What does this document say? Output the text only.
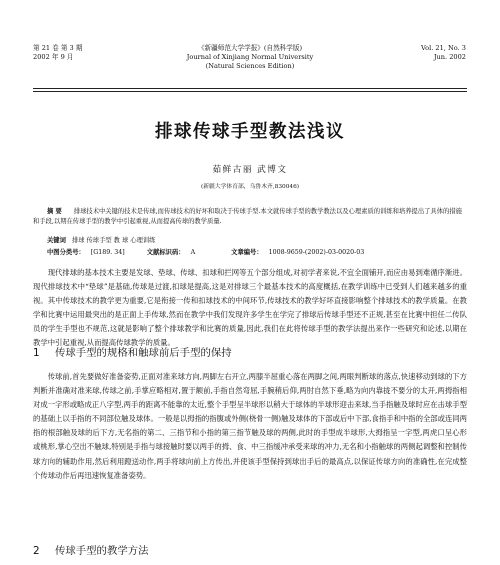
第 21 卷 第 3 期
2002 年 9 月
《新疆师范大学学报》(自然科学版)
Journal of Xinjiang Normal University
(Natural Sciences Edition)
Vol. 21, No. 3
Jun. 2002
排球传球手型教法浅议
茹鲜古丽 武博文
(新疆大学体育部，乌鲁木齐,830046)
摘 要 排球技术中关键的技术是传球,而传球技术的好坏和取决于传球手型.本文就传球手型的教学教法以及心理素质的训练和培养提出了具体的措施和手段,以期在传球手型的教学中引起重视,从而提高传球的教学质量.
关键词 排球 传球手型 教 球 心理训练
中图分类号： [G189. 34]	文献标识码： A	文章编号： 1008-9659-(2002)-03-0020-03
现代排球的基本技术主要是发球、垫球、传球、扣球和拦网等五个部分组成,对初学者来说,不宜全面铺开,而应由易到难循序渐进。现代排球技术中“垫球”是基础,传球是过渡,扣球是提高,这是对排球三个最基本技术的高度概括,在教学训练中已受到人们越来越多的重视。其中传球技术的教学更为重要,它是衔接一传和扣球技术的中间环节,传球技术的教学好坏直接影响整个排球技术的教学质量。在教学和比赛中运用最突出的是正面上手传球,然而在教学中我们发现许多学生在学完了排球后传球手型还不正规,甚至在比赛中担任二传队员的学生手型也不规范,这就是影响了整个排球教学和比赛的质量,因此,我们在此将传球手型的教学法提出来作一些研究和论述,以期在教学中引起重视,从而提高传球教学的质量。
1 传球手型的规格和触球前后手型的保持
传球前,首先要做好准备姿势,正面对准来球方向,两脚左右开立,两膝半屈重心落在两脚之间,两眼判断球的落点,快速移动到球的下方判断并准确对准来球,传球之前,手掌应略相对,置于额前,手指自然弯屈,手腕稍后仰,两肘自然下垂,略为向内靠拢不要分的太开,两拇指相对成一字形或略成正八字型,两手的距离不能靠的太近,整个手型呈半球形以稍大于球体的半球形迎击来球,当手指触及球时应在击球手型的基础上以手指的不同部位触及球体。一般是以拇指的指腹或外侧(桡骨一侧)触及球体的下部或后中下部,食指手和中指的全部或连同两指的根部触及球的后下方,无名指的第二、三指节和小指的第三指节触及球的两侧,此时的手型成半球形,大拇指呈一字型,两虎口呈心形或桃形,掌心空出不触球,特别是手指与球接触时要以两手的拇、食、中三指缓冲承受来球的冲力,无名和小指触球的两侧起调整和控制传球方向的辅助作用,然后利用蹬送动作,两手将球向前上方传出,并使该手型保持到球出手后的最高点,以保证传球方向的准确性,在完成整个传球动作后再迅速恢复准备姿势。
2 传球手型的教学方法
